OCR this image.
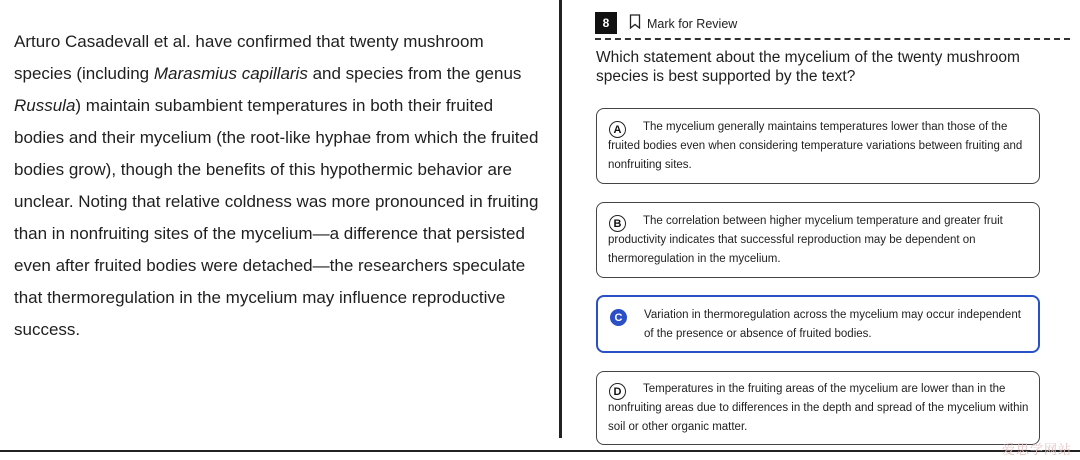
Arturo Casadevall et al. have confirmed that twenty mushroom species (including Marasmius capillaris and species from the genus Russula) maintain subambient temperatures in both their fruited bodies and their mycelium (the root-like hyphae from which the fruited bodies grow), though the benefits of this hypothermic behavior are unclear. Noting that relative coldness was more pronounced in fruiting than in nonfruiting sites of the mycelium—a difference that persisted even after fruited bodies were detached—the researchers speculate that thermoregulation in the mycelium may influence reproductive success.

8	Mark for Review
Which statement about the mycelium of the twenty mushroom species is best supported by the text?
A	The mycelium generally maintains temperatures lower than those of the fruited bodies even when considering temperature variations between fruiting and nonfruiting sites.
B	The correlation between higher mycelium temperature and greater fruit productivity indicates that successful reproduction may be dependent on thermoregulation in the mycelium.
C	Variation in thermoregulation across the mycelium may occur independent of the presence or absence of fruited bodies.
D	Temperatures in the fruiting areas of the mycelium are lower than in the nonfruiting areas due to differences in the depth and spread of the mycelium within soil or other organic matter.
爱思学网站
